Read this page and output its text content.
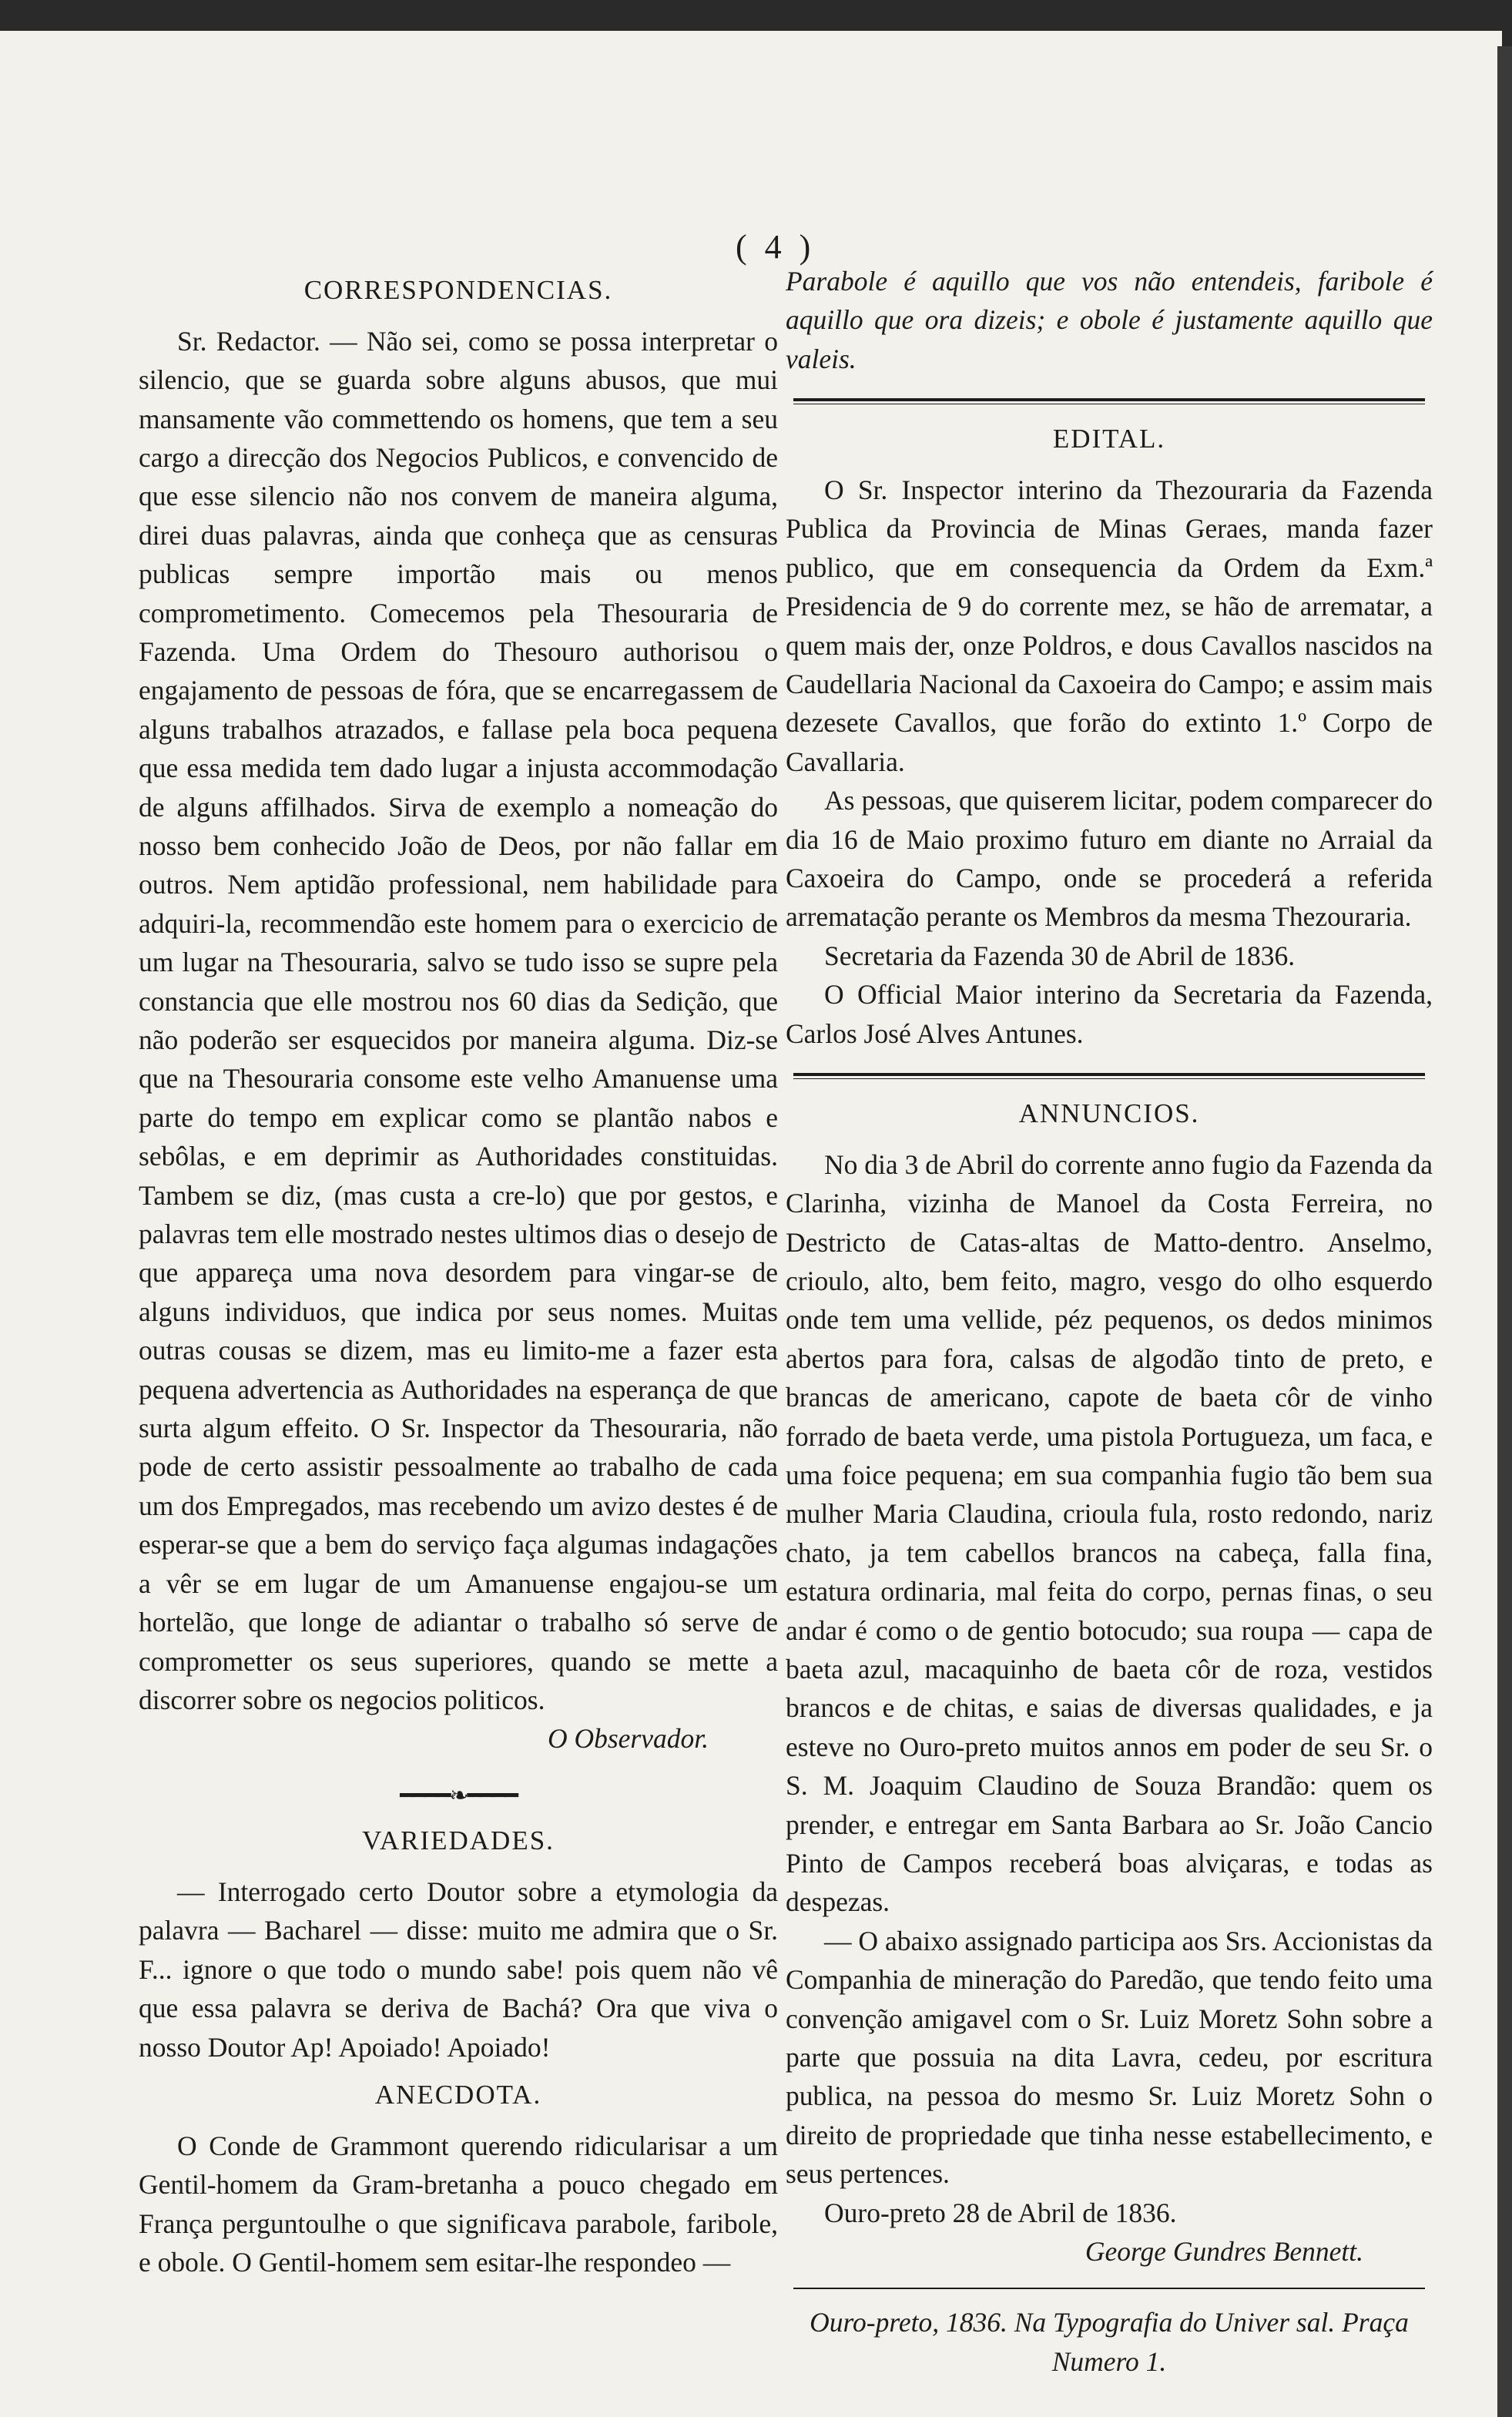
( 4 )
CORRESPONDENCIAS.

Sr. Redactor. — Não sei, como se possa interpretar o silencio, que se guarda sobre alguns abusos, que mui mansamente vão commettendo os homens, que tem a seu cargo a direcção dos Negocios Publicos, e convencido de que esse silencio não nos convem de maneira alguma, direi duas palavras, ainda que conheça que as censuras publicas sempre importão mais ou menos comprometimento. Comecemos pela Thesouraria de Fazenda. Uma Ordem do Thesouro authorisou o engajamento de pessoas de fóra, que se encarregassem de alguns trabalhos atrazados, e fallase pela boca pequena que essa medida tem dado lugar a injusta accommodação de alguns affilhados. Sirva de exemplo a nomeação do nosso bem conhecido João de Deos, por não fallar em outros. Nem aptidão professional, nem habilidade para adquiri-la, recommendão este homem para o exercicio de um lugar na Thesouraria, salvo se tudo isso se supre pela constancia que elle mostrou nos 60 dias da Sedição, que não poderão ser esquecidos por maneira alguma. Diz-se que na Thesouraria consome este velho Amanuense uma parte do tempo em explicar como se plantão nabos e sebôlas, e em deprimir as Authoridades constituidas. Tambem se diz, (mas custa a cre-lo) que por gestos, e palavras tem elle mostrado nestes ultimos dias o desejo de que appareça uma nova desordem para vingar-se de alguns individuos, que indica por seus nomes. Muitas outras cousas se dizem, mas eu limito-me a fazer esta pequena advertencia as Authoridades na esperança de que surta algum effeito. O Sr. Inspector da Thesouraria, não pode de certo assistir pessoalmente ao trabalho de cada um dos Empregados, mas recebendo um avizo destes é de esperar-se que a bem do serviço faça algumas indagações a vêr se em lugar de um Amanuense engajou-se um hortelão, que longe de adiantar o trabalho só serve de comprometter os seus superiores, quando se mette a discorrer sobre os negocios politicos.

O Observador.

━━━━❧━━━━
VARIEDADES.

— Interrogado certo Doutor sobre a etymologia da palavra — Bacharel — disse: muito me admira que o Sr. F... ignore o que todo o mundo sabe! pois quem não vê que essa palavra se deriva de Bachá? Ora que viva o nosso Doutor Ap! Apoiado! Apoiado!

ANECDOTA.

O Conde de Grammont querendo ridicularisar a um Gentil-homem da Gram-bretanha a pouco chegado em França perguntoulhe o que significava parabole, faribole, e obole. O Gentil-homem sem esitar-lhe respondeo —

Parabole é aquillo que vos não entendeis, faribole é aquillo que ora dizeis; e obole é justamente aquillo que valeis.

EDITAL.

O Sr. Inspector interino da Thezouraria da Fazenda Publica da Provincia de Minas Geraes, manda fazer publico, que em consequencia da Ordem da Exm.ª Presidencia de 9 do corrente mez, se hão de arrematar, a quem mais der, onze Poldros, e dous Cavallos nascidos na Caudellaria Nacional da Caxoeira do Campo; e assim mais dezesete Cavallos, que forão do extinto 1.º Corpo de Cavallaria.

As pessoas, que quiserem licitar, podem comparecer do dia 16 de Maio proximo futuro em diante no Arraial da Caxoeira do Campo, onde se procederá a referida arrematação perante os Membros da mesma Thezouraria.

Secretaria da Fazenda 30 de Abril de 1836.

O Official Maior interino da Secretaria da Fazenda, Carlos José Alves Antunes.

ANNUNCIOS.

No dia 3 de Abril do corrente anno fugio da Fazenda da Clarinha, vizinha de Manoel da Costa Ferreira, no Destricto de Catas-altas de Matto-dentro. Anselmo, crioulo, alto, bem feito, magro, vesgo do olho esquerdo onde tem uma vellide, péz pequenos, os dedos minimos abertos para fora, calsas de algodão tinto de preto, e brancas de americano, capote de baeta côr de vinho forrado de baeta verde, uma pistola Portugueza, um faca, e uma foice pequena; em sua companhia fugio tão bem sua mulher Maria Claudina, crioula fula, rosto redondo, nariz chato, ja tem cabellos brancos na cabeça, falla fina, estatura ordinaria, mal feita do corpo, pernas finas, o seu andar é como o de gentio botocudo; sua roupa — capa de baeta azul, macaquinho de baeta côr de roza, vestidos brancos e de chitas, e saias de diversas qualidades, e ja esteve no Ouro-preto muitos annos em poder de seu Sr. o S. M. Joaquim Claudino de Souza Brandão: quem os prender, e entregar em Santa Barbara ao Sr. João Cancio Pinto de Campos receberá boas alviçaras, e todas as despezas.

— O abaixo assignado participa aos Srs. Accionistas da Companhia de mineração do Paredão, que tendo feito uma convenção amigavel com o Sr. Luiz Moretz Sohn sobre a parte que possuia na dita Lavra, cedeu, por escritura publica, na pessoa do mesmo Sr. Luiz Moretz Sohn o direito de propriedade que tinha nesse estabellecimento, e seus pertences.

Ouro-preto 28 de Abril de 1836.

George Gundres Bennett.

Ouro-preto, 1836. Na Typografia do Univer sal. Praça Numero 1.
